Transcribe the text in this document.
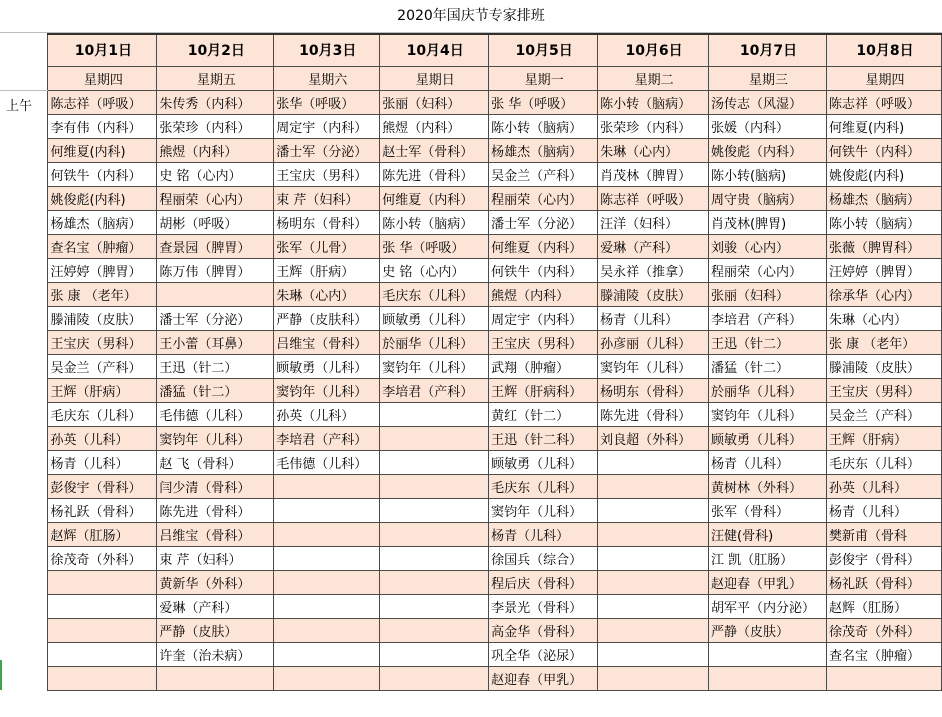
2020年国庆节专家排班
	10月1日	10月2日	10月3日	10月4日	10月5日	10月6日	10月7日	10月8日
	星期四	星期五	星期六	星期日	星期一	星期二	星期三	星期四
上午	陈志祥（呼吸）	朱传秀（内科）	张华（呼吸）	张丽（妇科）	张 华（呼吸）	陈小转（脑病）	汤传志（风湿）	陈志祥（呼吸）
	李有伟（内科）	张荣珍（内科）	周定宇（内科）	熊煜（内科）	陈小转（脑病）	张荣珍（内科）	张媛（内科）	何维夏(内科)
	何维夏(内科)	熊煜（内科）	潘士军（分泌）	赵士军（骨科）	杨雄杰（脑病）	朱琳（心内）	姚俊彪（内科）	何铁牛（内科）
	何铁牛（内科）	史 铭（心内）	王宝庆（男科）	陈先进（骨科）	吴金兰（产科）	肖茂林（脾胃）	陈小转(脑病)	姚俊彪(内科)
	姚俊彪(内科)	程丽荣（心内）	束 芹（妇科）	何维夏（内科）	程丽荣（心内）	陈志祥（呼吸）	周守贵（脑病）	杨雄杰（脑病）
	杨雄杰（脑病）	胡彬（呼吸）	杨明东（骨科）	陈小转（脑病）	潘士军（分泌）	汪洋（妇科）	肖茂林(脾胃)	陈小转（脑病）
	查名宝（肿瘤）	查景园（脾胃）	张军（儿骨）	张 华（呼吸）	何维夏（内科）	爱琳（产科）	刘骏（心内）	张薇（脾胃科）
	汪婷婷（脾胃）	陈万伟（脾胃）	王辉（肝病）	史 铭（心内）	何铁牛（内科）	吴永祥（推拿）	程丽荣（心内）	汪婷婷（脾胃）
	张 康 （老年）		朱琳（心内）	毛庆东（儿科）	熊煜（内科）	滕浦陵（皮肤）	张丽（妇科）	徐承华（心内）
	滕浦陵（皮肤）	潘士军（分泌）	严静（皮肤科）	顾敏勇（儿科）	周定宇（内科）	杨青（儿科）	李培君（产科）	朱琳（心内）
	王宝庆（男科）	王小蕾（耳鼻）	吕维宝（骨科）	於丽华（儿科）	王宝庆（男科）	孙彦丽（儿科）	王迅（针二）	张 康 （老年）
	吴金兰（产科）	王迅（针二）	顾敏勇（儿科）	窦钧年（儿科）	武翔（肿瘤）	窦钧年（儿科）	潘猛（针二）	滕浦陵（皮肤）
	王辉（肝病）	潘猛（针二）	窦钧年（儿科）	李培君（产科）	王辉（肝病科）	杨明东（骨科）	於丽华（儿科）	王宝庆（男科）
	毛庆东（儿科）	毛伟德（儿科）	孙英（儿科）		黄红（针二）	陈先进（骨科）	窦钧年（儿科）	吴金兰（产科）
	孙英（儿科）	窦钧年（儿科）	李培君（产科）		王迅（针二科）	刘良超（外科）	顾敏勇（儿科）	王辉（肝病）
	杨青（儿科）	赵 飞（骨科）	毛伟德（儿科）		顾敏勇（儿科）		杨青（儿科）	毛庆东（儿科）
	彭俊宇（骨科）	闫少清（骨科）			毛庆东（儿科）		黄树林（外科）	孙英（儿科）
	杨礼跃（骨科）	陈先进（骨科）			窦钧年（儿科）		张军（骨科）	杨青（儿科）
	赵辉（肛肠）	吕维宝（骨科）			杨青（儿科）		汪健(骨科)	樊新甫（骨科
	徐茂奇（外科）	束 芹（妇科）			徐国兵（综合）		江 凯（肛肠）	彭俊宇（骨科）
		黄新华（外科）			程后庆（骨科）		赵迎春（甲乳）	杨礼跃（骨科）
		爱琳（产科）			李景光（骨科）		胡军平（内分泌）	赵辉（肛肠）
		严静（皮肤）			高金华（骨科）		严静（皮肤）	徐茂奇（外科）
		许奎（治未病）			巩全华（泌尿）			查名宝（肿瘤）
					赵迎春（甲乳）			
